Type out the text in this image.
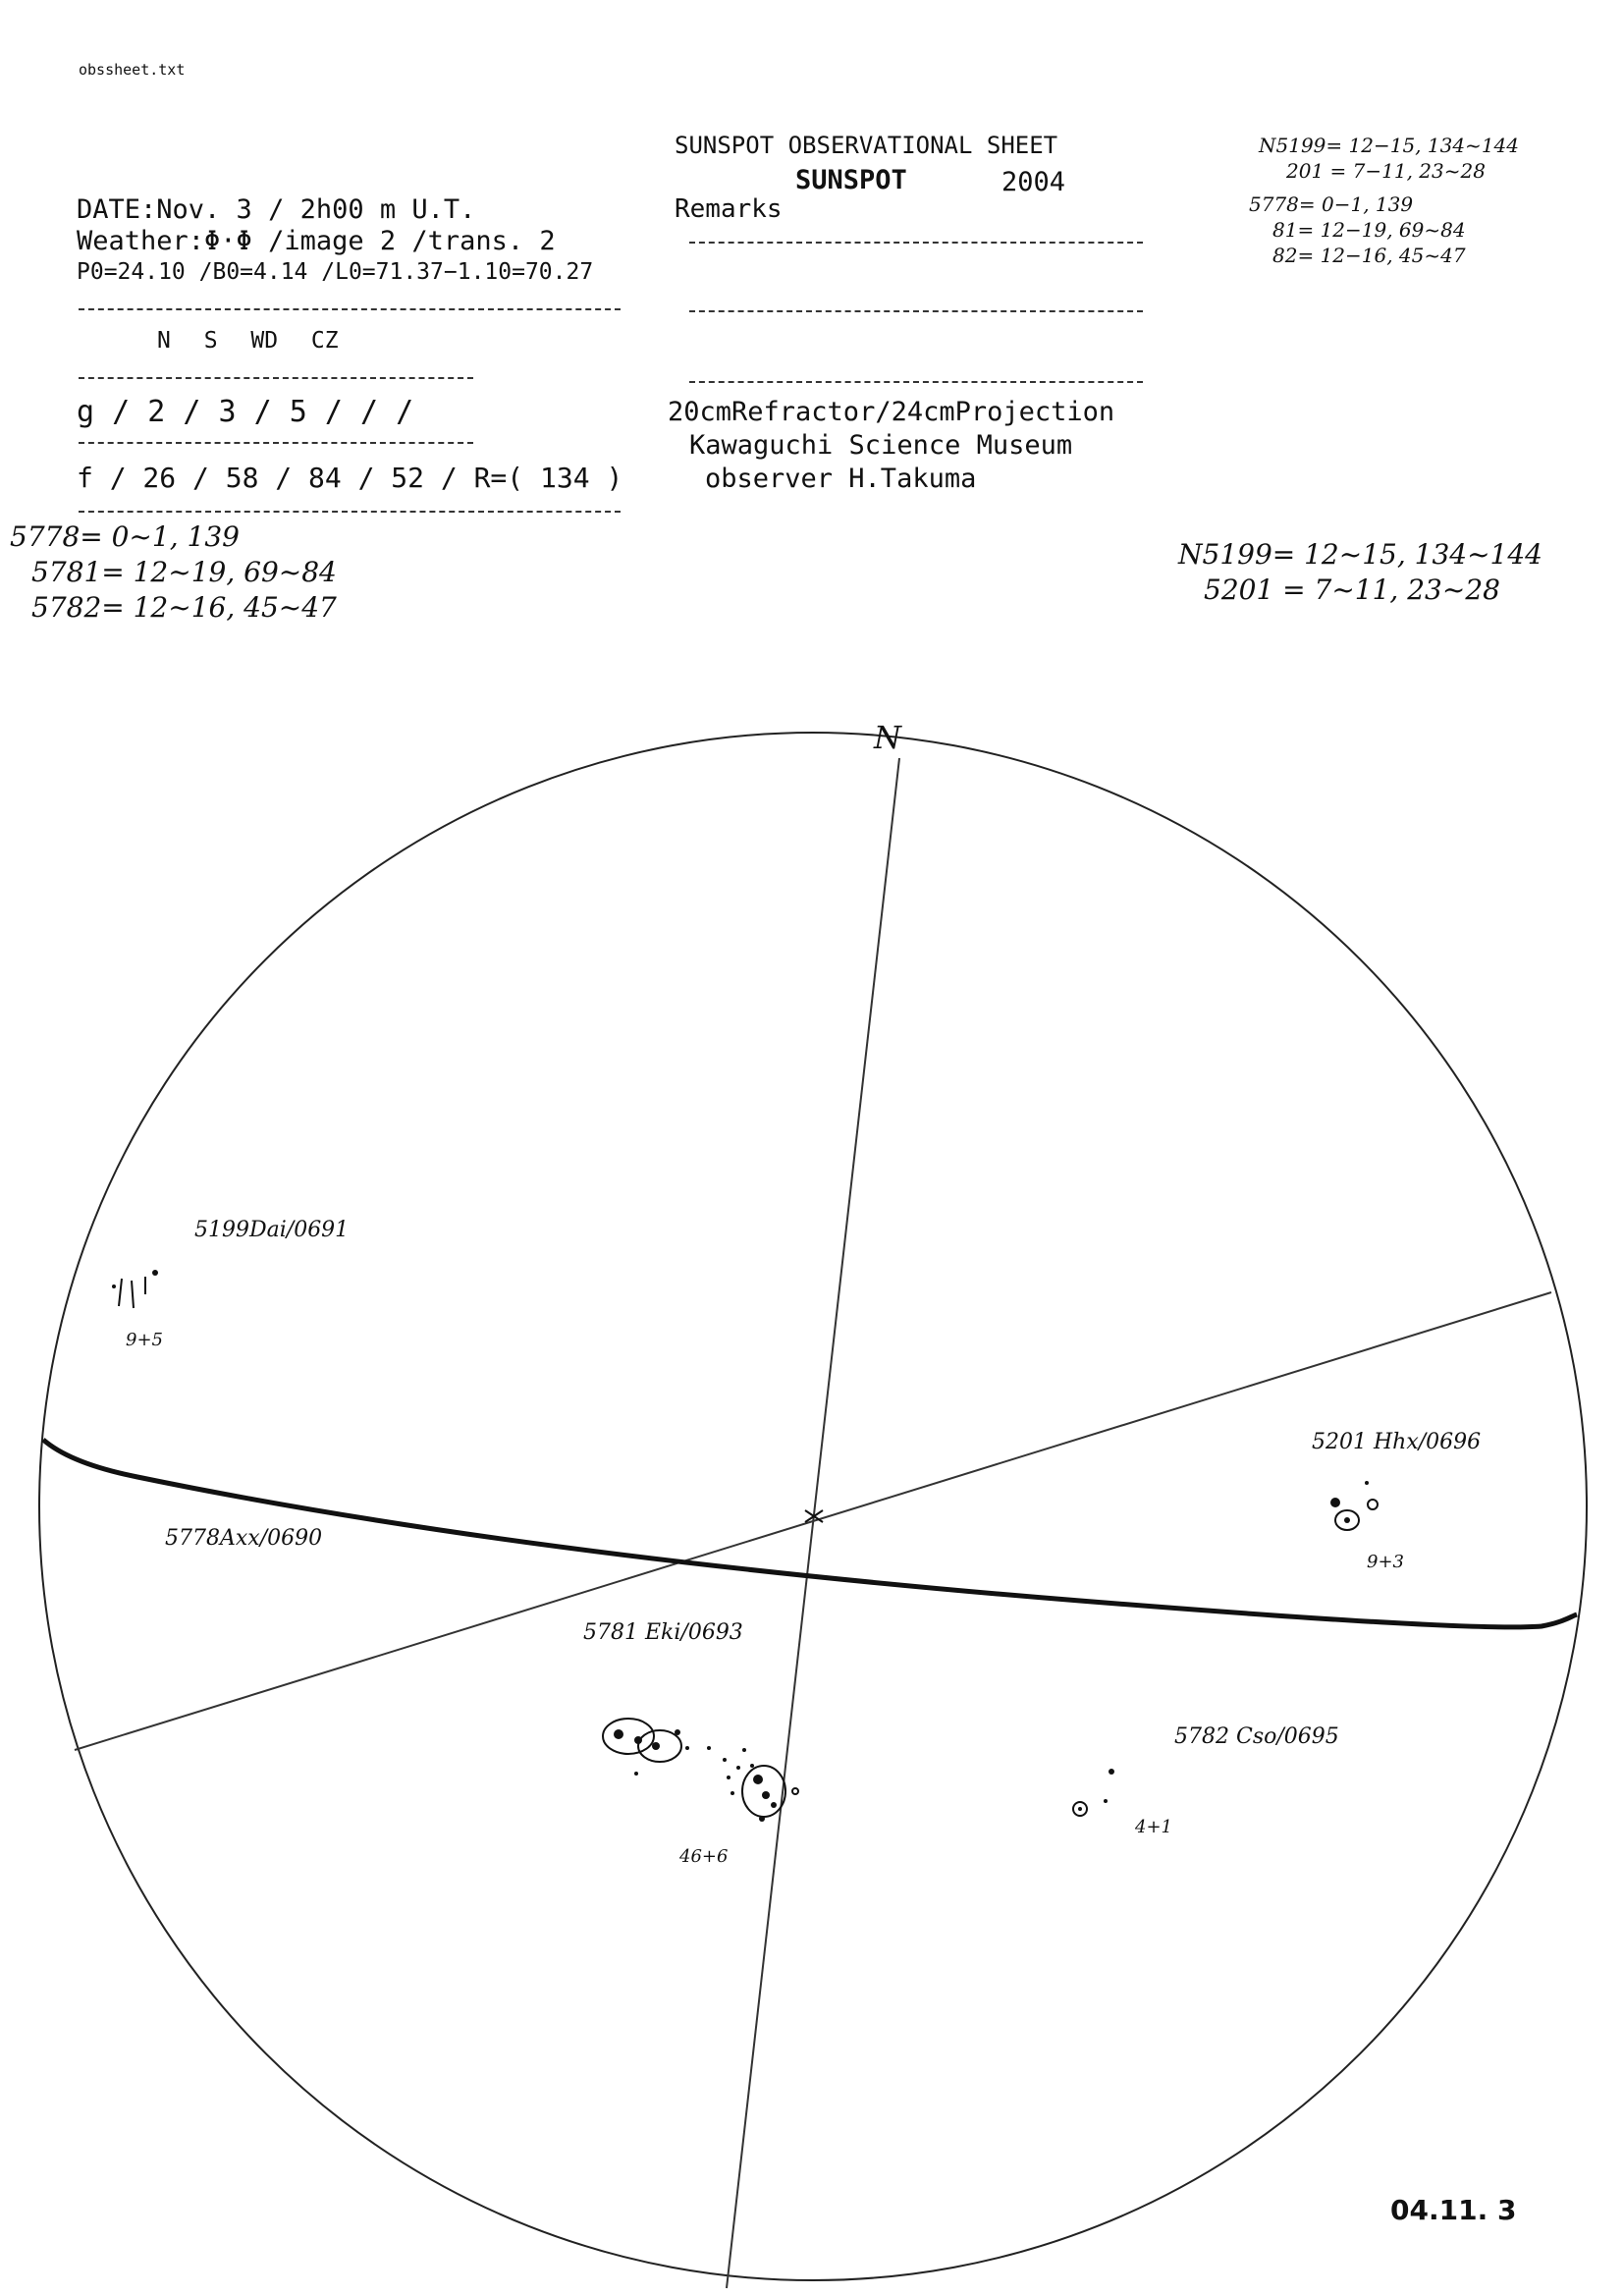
obssheet.txt
SUNSPOT OBSERVATIONAL SHEET
SUNSPOT	2004
DATE:Nov. 3 / 2h00 m U.T.
Weather:Φ·Φ /image 2 /trans. 2
P0=24.10 /B0=4.14 /L0=71.37−1.10=70.27
N S WD CZ
g / 2 / 3 / 5 / / /
f / 26 / 58 / 84 / 52 / R=( 134 )
5778= 0~1, 139
5781= 12~19, 69~84
5782= 12~16, 45~47
Remarks
20cmRefractor/24cmProjection
Kawaguchi Science Museum
observer H.Takuma
N5199= 12−15, 134~144
201 = 7−11, 23~28
5778= 0−1, 139
81= 12−19, 69~84
82= 12−16, 45~47
N5199= 12~15, 134~144
5201 = 7~11, 23~28
N
5199Dai/0691
9+5
5201 Hhx/0696
9+3
5778Axx/0690
5781 Eki/0693
46+6
5782 Cso/0695
4+1
04.11. 3
